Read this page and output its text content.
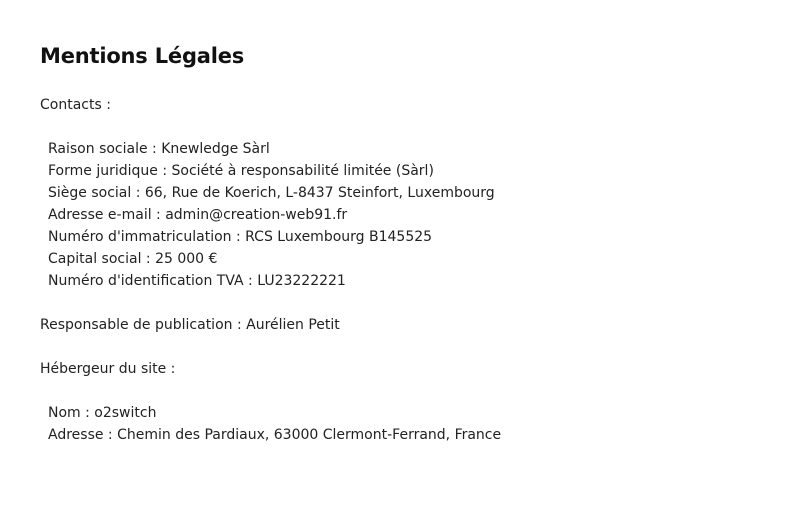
Mentions Légales
Contacts :
Raison sociale : Knewledge Sàrl
Forme juridique : Société à responsabilité limitée (Sàrl)
Siège social : 66, Rue de Koerich, L-8437 Steinfort, Luxembourg
Adresse e-mail : admin@creation-web91.fr
Numéro d'immatriculation : RCS Luxembourg B145525
Capital social : 25 000 €
Numéro d'identification TVA : LU23222221
Responsable de publication : Aurélien Petit
Hébergeur du site :
Nom : o2switch
Adresse : Chemin des Pardiaux, 63000 Clermont-Ferrand, France
